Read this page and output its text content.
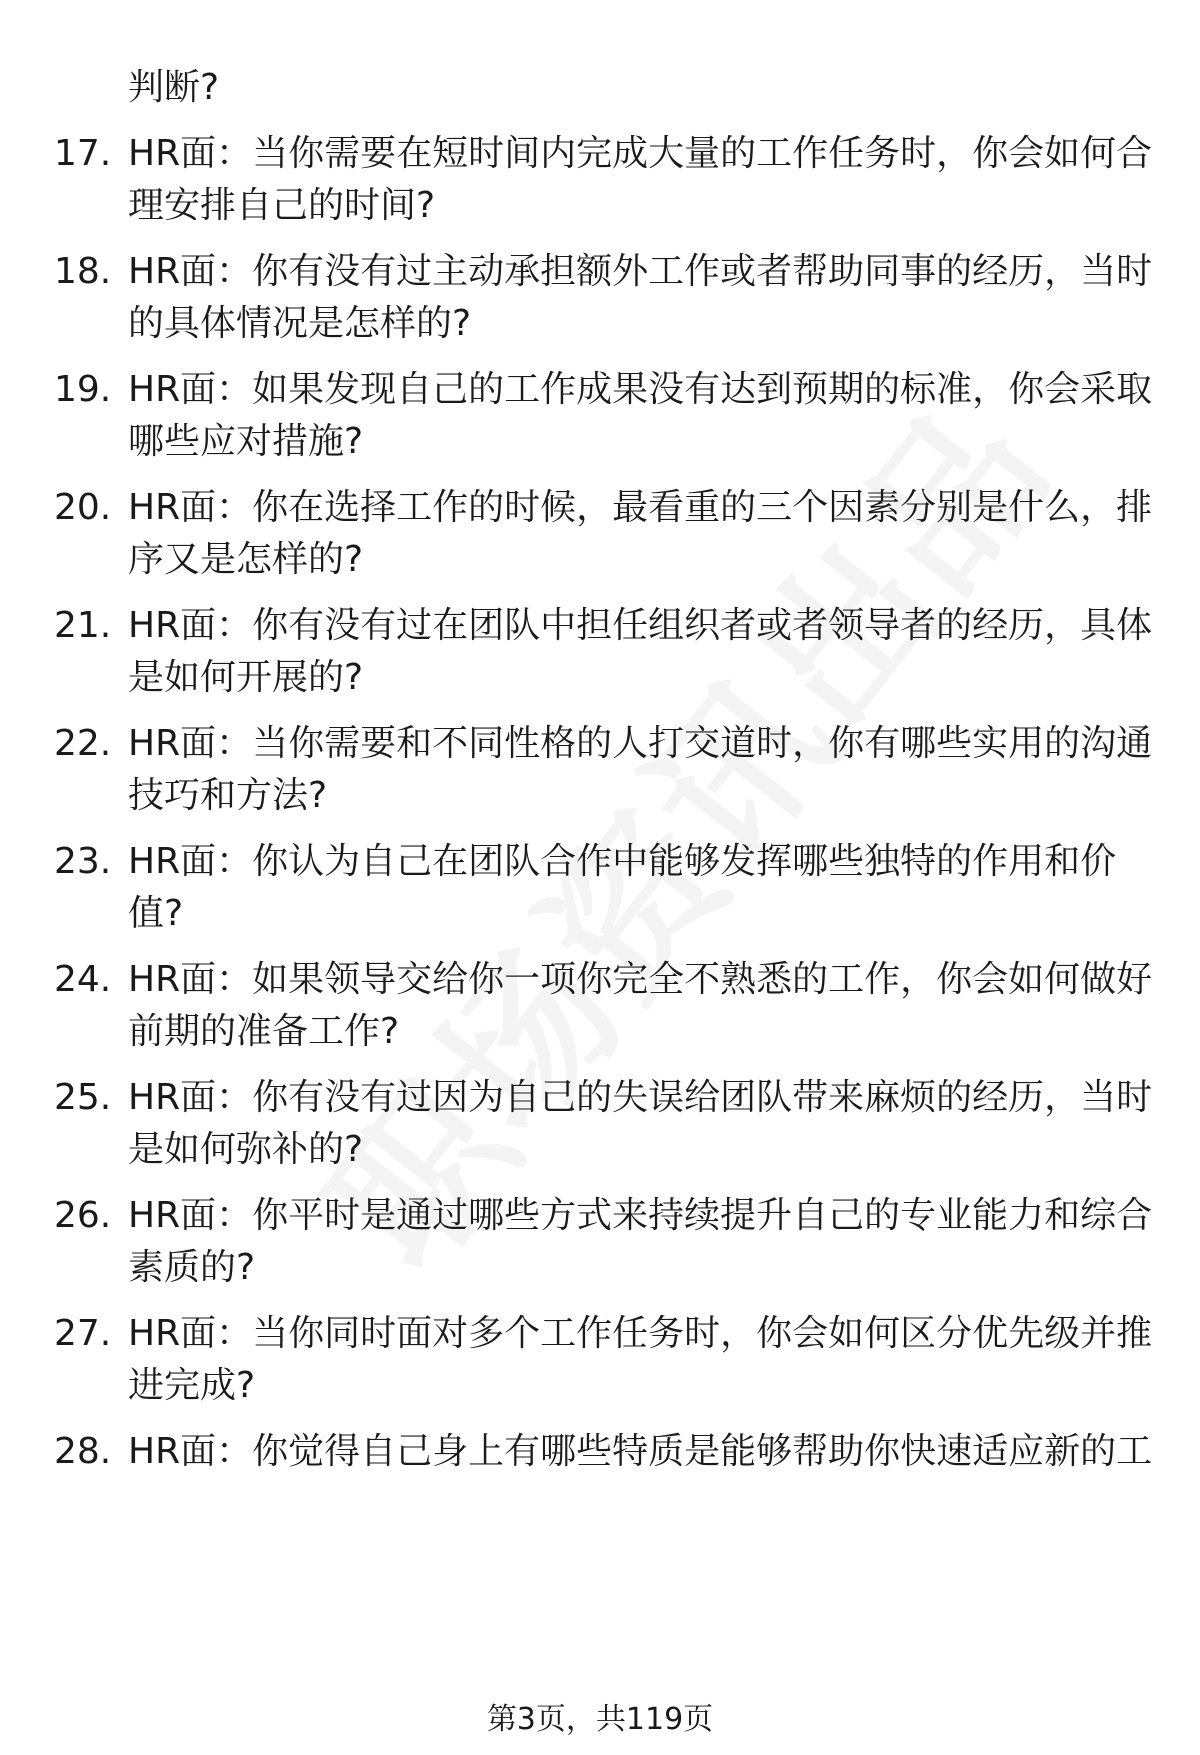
判断?
17. HR面：当你需要在短时间内完成大量的工作任务时，你会如何合理安排自己的时间?
18. HR面：你有没有过主动承担额外工作或者帮助同事的经历，当时的具体情况是怎样的?
19. HR面：如果发现自己的工作成果没有达到预期的标准，你会采取哪些应对措施?
20. HR面：你在选择工作的时候，最看重的三个因素分别是什么，排序又是怎样的?
21. HR面：你有没有过在团队中担任组织者或者领导者的经历，具体是如何开展的?
22. HR面：当你需要和不同性格的人打交道时，你有哪些实用的沟通技巧和方法?
23. HR面：你认为自己在团队合作中能够发挥哪些独特的作用和价值?
24. HR面：如果领导交给你一项你完全不熟悉的工作，你会如何做好前期的准备工作?
25. HR面：你有没有过因为自己的失误给团队带来麻烦的经历，当时是如何弥补的?
26. HR面：你平时是通过哪些方式来持续提升自己的专业能力和综合素质的?
27. HR面：当你同时面对多个工作任务时，你会如何区分优先级并推进完成?
28. HR面：你觉得自己身上有哪些特质是能够帮助你快速适应新的工
第3页，共119页
